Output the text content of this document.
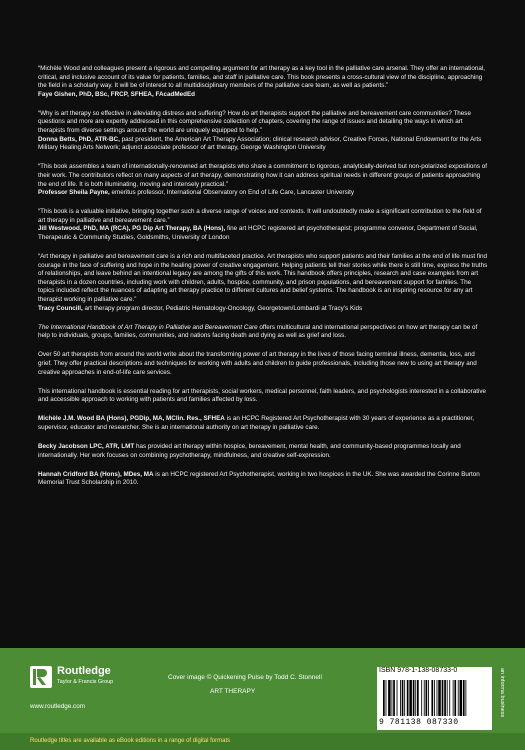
“Michèle Wood and colleagues present a rigorous and compelling argument for art therapy as a key tool in the palliative care arsenal. They offer an international, critical, and inclusive account of its value for patients, families, and staff in palliative care. This book presents a cross-cultural view of the discipline, approaching the field in a scholarly way. It will be of interest to all multidisciplinary members of the palliative care team, as well as patients.”
Faye Gishen, PhD, BSc, FRCP, SFHEA, FAcadMedEd
“Why is art therapy so effective in alleviating distress and suffering? How do art therapists support the palliative and bereavement care communities? These questions and more are expertly addressed in this comprehensive collection of chapters, covering the range of issues and detailing the ways in which art therapists from diverse settings around the world are uniquely equipped to help.”
Donna Betts, PhD, ATR-BC, past president, the American Art Therapy Association; clinical research advisor, Creative Forces, National Endowment for the Arts Military Healing Arts Network; adjunct associate professor of art therapy, George Washington University
“This book assembles a team of internationally-renowned art therapists who share a commitment to rigorous, analytically-derived but non-polarized expositions of their work. The contributors reflect on many aspects of art therapy, demonstrating how it can address spiritual needs in different groups of patients approaching the end of life. It is both illuminating, moving and intensely practical.”
Professor Sheila Payne, emeritus professor, International Observatory on End of Life Care, Lancaster University
“This book is a valuable initiative, bringing together such a diverse range of voices and contexts. It will undoubtedly make a significant contribution to the field of art therapy in palliative and bereavement care.”
Jill Westwood, PhD, MA (RCA), PG Dip Art Therapy, BA (Hons), fine art HCPC registered art psychotherapist; programme convenor, Department of Social, Therapeutic & Community Studies, Goldsmiths, University of London
“Art therapy in palliative and bereavement care is a rich and multifaceted practice. Art therapists who support patients and their families at the end of life must find courage in the face of suffering and hope in the healing power of creative engagement. Helping patients tell their stories while there is still time, express the truths of relationships, and leave behind an intentional legacy are among the gifts of this work. This handbook offers principles, research and case examples from art therapists in a dozen countries, including work with children, adults, hospice, community, and prison populations, and bereavement support for families. The topics included reflect the nuances of adapting art therapy practice to different cultures and belief systems. The handbook is an inspiring resource for any art therapist working in palliative care.”
Tracy Councill, art therapy program director, Pediatric Hematology-Oncology, Georgetown/Lombardi at Tracy’s Kids
The International Handbook of Art Therapy in Palliative and Bereavement Care offers multicultural and international perspectives on how art therapy can be of help to individuals, groups, families, communities, and nations facing death and dying as well as grief and loss.
Over 50 art therapists from around the world write about the transforming power of art therapy in the lives of those facing terminal illness, dementia, loss, and grief. They offer practical descriptions and techniques for working with adults and children to guide professionals, including those new to using art therapy and creative approaches in end-of-life care services.
This international handbook is essential reading for art therapists, social workers, medical personnel, faith leaders, and psychologists interested in a collaborative and accessible approach to working with patients and families affected by loss.
Michèle J.M. Wood BA (Hons), PGDip, MA, MClin. Res., SFHEA is an HCPC Registered Art Psychotherapist with 30 years of experience as a practitioner, supervisor, educator and researcher. She is an international authority on art therapy in palliative care.
Becky Jacobson LPC, ATR, LMT has provided art therapy within hospice, bereavement, mental health, and community-based programmes locally and internationally. Her work focuses on combining psychotherapy, mindfulness, and creative self-expression.
Hannah Cridford BA (Hons), MDes, MA is an HCPC registered Art Psychotherapist, working in two hospices in the UK. She was awarded the Corinne Burton Memorial Trust Scholarship in 2010.
Routledge
Taylor & Francis Group
www.routledge.com
Cover image © Quickening Pulse by Todd C. Stonnell
ART THERAPY
Routledge titles are available as eBook editions in a range of digital formats
ISBN 978-1-138-08733-0
9 781138 087330
an informa business
